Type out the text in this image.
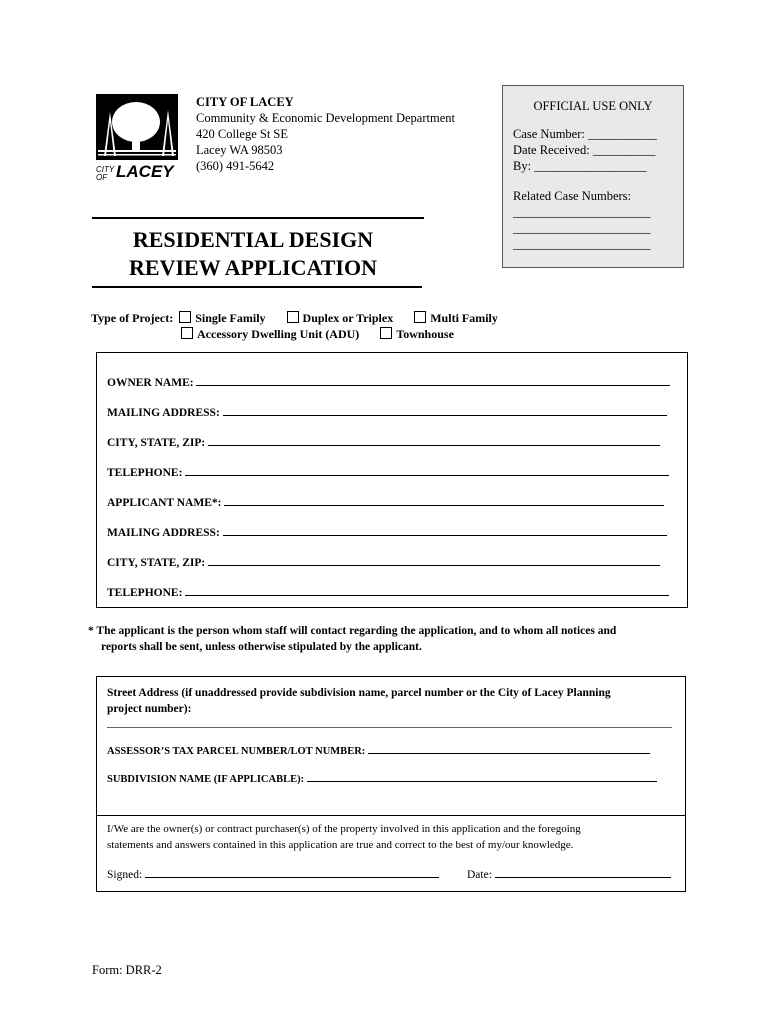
CITY OF LACEY
CITY OF LACEY
Community & Economic Development Department
420 College St SE
Lacey WA 98503
(360) 491-5642
OFFICIAL USE ONLY
Case Number: ___________
Date Received: __________
By: __________________
Related Case Numbers:
______________________
______________________
______________________
RESIDENTIAL DESIGN
REVIEW APPLICATION
Type of Project: Single Family	Duplex or Triplex	Multi Family
Accessory Dwelling Unit (ADU)	Townhouse
OWNER NAME:
MAILING ADDRESS:
CITY, STATE, ZIP:
TELEPHONE:
APPLICANT NAME*:
MAILING ADDRESS:
CITY, STATE, ZIP:
TELEPHONE:
* The applicant is the person whom staff will contact regarding the application, and to whom all notices and
reports shall be sent, unless otherwise stipulated by the applicant.
Street Address (if unaddressed provide subdivision name, parcel number or the City of Lacey Planning
project number):
ASSESSOR’S TAX PARCEL NUMBER/LOT NUMBER:
SUBDIVISION NAME (IF APPLICABLE):
I/We are the owner(s) or contract purchaser(s) of the property involved in this application and the foregoing
statements and answers contained in this application are true and correct to the best of my/our knowledge.
Signed:	Date:
Form: DRR-2
